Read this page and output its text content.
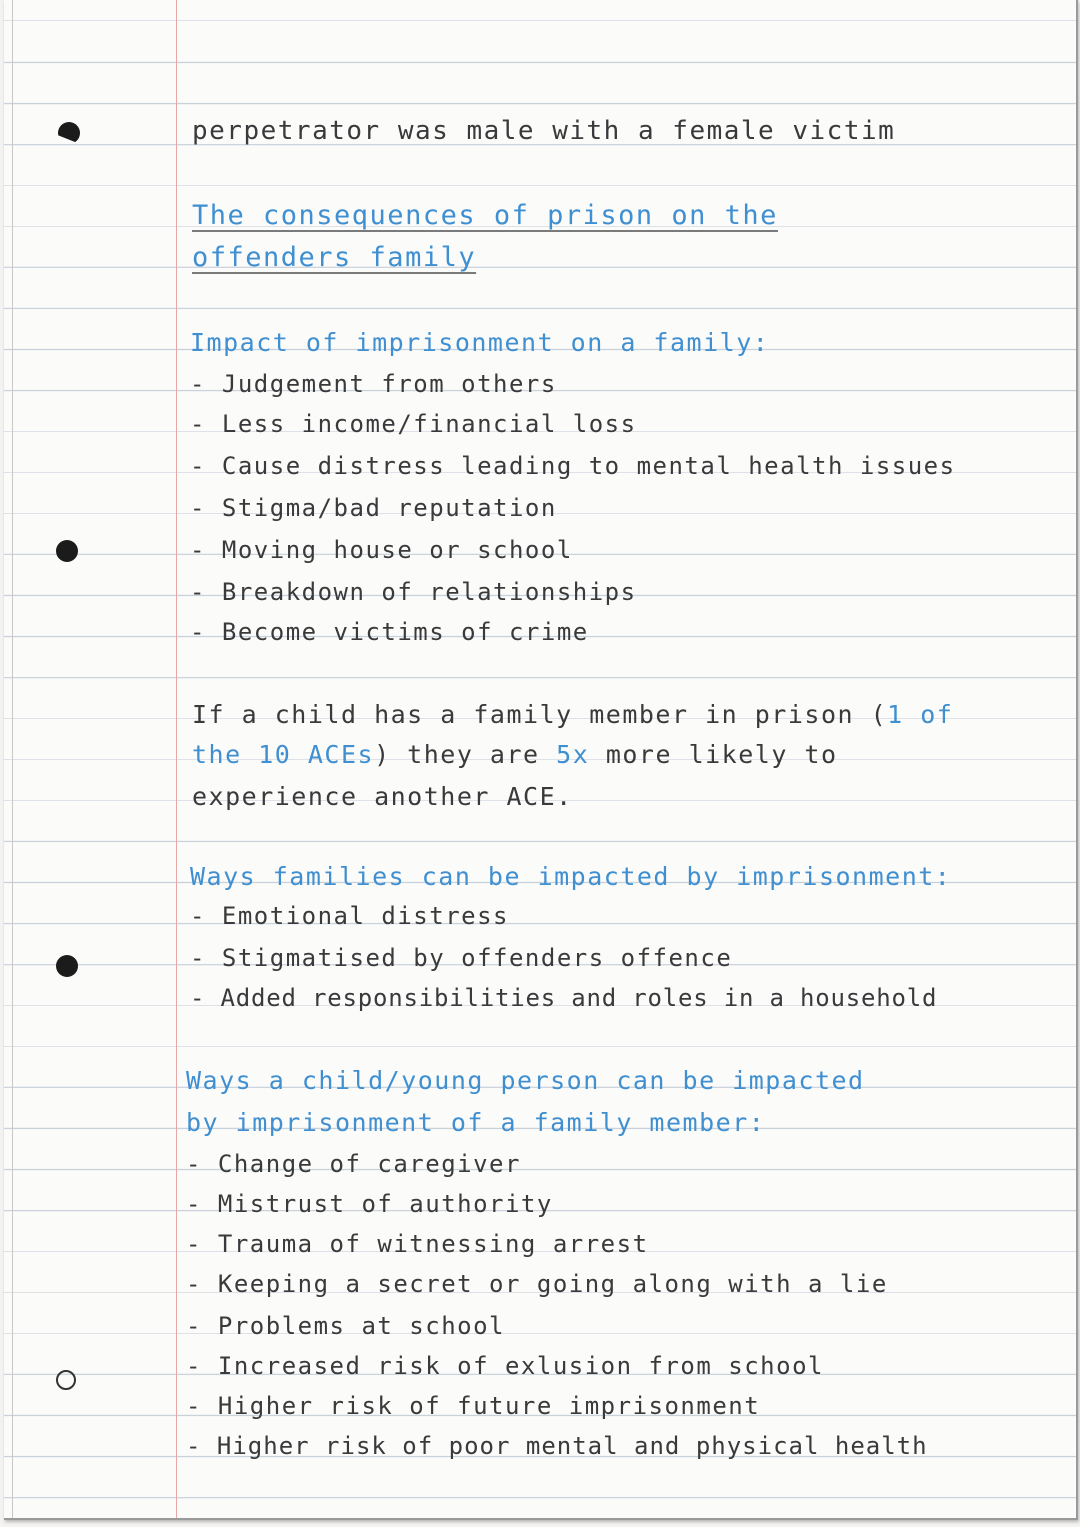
perpetrator was male with a female victim
The consequences of prison on the
offenders family
Impact of imprisonment on a family:
- Judgement from others
- Less income/financial loss
- Cause distress leading to mental health issues
- Stigma/bad reputation
- Moving house or school
- Breakdown of relationships
- Become victims of crime
If a child has a family member in prison (1 of
the 10 ACEs) they are 5x more likely to
experience another ACE.
Ways families can be impacted by imprisonment:
- Emotional distress
- Stigmatised by offenders offence
- Added responsibilities and roles in a household
Ways a child/young person can be impacted
by imprisonment of a family member:
- Change of caregiver
- Mistrust of authority
- Trauma of witnessing arrest
- Keeping a secret or going along with a lie
- Problems at school
- Increased risk of exlusion from school
- Higher risk of future imprisonment
- Higher risk of poor mental and physical health
